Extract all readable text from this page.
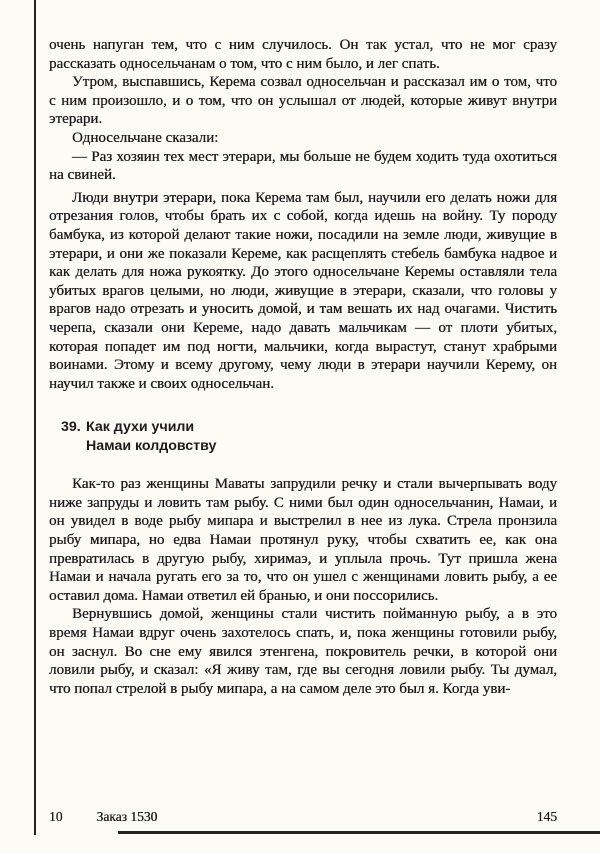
очень напуган тем, что с ним случилось. Он так устал, что не мог сразу рассказать односельчанам о том, что с ним было, и лег спать.

Утром, выспавшись, Керема созвал односельчан и рассказал им о том, что с ним произошло, и о том, что он услышал от людей, которые живут внутри этерари.

Односельчане сказали:

— Раз хозяин тех мест этерари, мы больше не будем ходить туда охотиться на свиней.

Люди внутри этерари, пока Керема там был, научили его делать ножи для отрезания голов, чтобы брать их с собой, когда идешь на войну. Ту породу бамбука, из которой делают такие ножи, посадили на земле люди, живущие в этерари, и они же показали Кереме, как расщеплять стебель бамбука надвое и как делать для ножа рукоятку. До этого односельчане Керемы оставляли тела убитых врагов целыми, но люди, живущие в этерари, сказали, что головы у врагов надо отрезать и уносить домой, и там вешать их над очагами. Чистить черепа, сказали они Кереме, надо давать мальчикам — от плоти убитых, которая попадет им под ногти, мальчики, когда вырастут, станут храбрыми воинами. Этому и всему другому, чему люди в этерари научили Керему, он научил также и своих односельчан.

39. Как духи учили
Намаи колдовству

Как-то раз женщины Маваты запрудили речку и стали вычерпывать воду ниже запруды и ловить там рыбу. С ними был один односельчанин, Намаи, и он увидел в воде рыбу мипара и выстрелил в нее из лука. Стрела пронзила рыбу мипара, но едва Намаи протянул руку, чтобы схватить ее, как она превратилась в другую рыбу, хиримаэ, и уплыла прочь. Тут пришла жена Намаи и начала ругать его за то, что он ушел с женщинами ловить рыбу, а ее оставил дома. Намаи ответил ей бранью, и они поссорились.

Вернувшись домой, женщины стали чистить пойманную рыбу, а в это время Намаи вдруг очень захотелось спать, и, пока женщины готовили рыбу, он заснул. Во сне ему явился этенгена, покровитель речки, в которой они ловили рыбу, и сказал: «Я живу там, где вы сегодня ловили рыбу. Ты думал, что попал стрелой в рыбу мипара, а на самом деле это был я. Когда уви-

10	Заказ 1530	145
